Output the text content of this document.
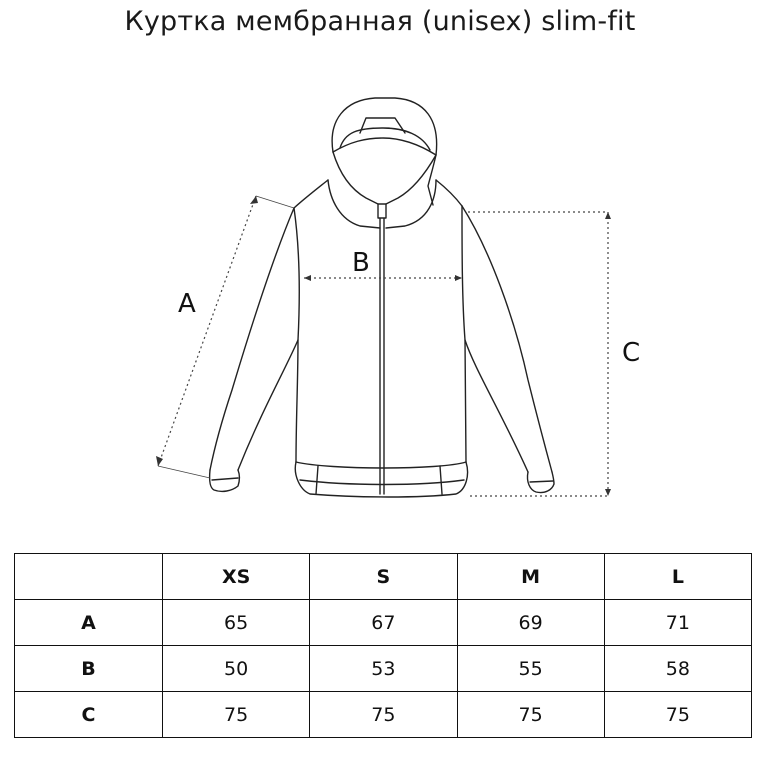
Куртка мембранная (unisex) slim-fit
A
B
C
	XS	S	M	L
A	65	67	69	71
B	50	53	55	58
C	75	75	75	75
